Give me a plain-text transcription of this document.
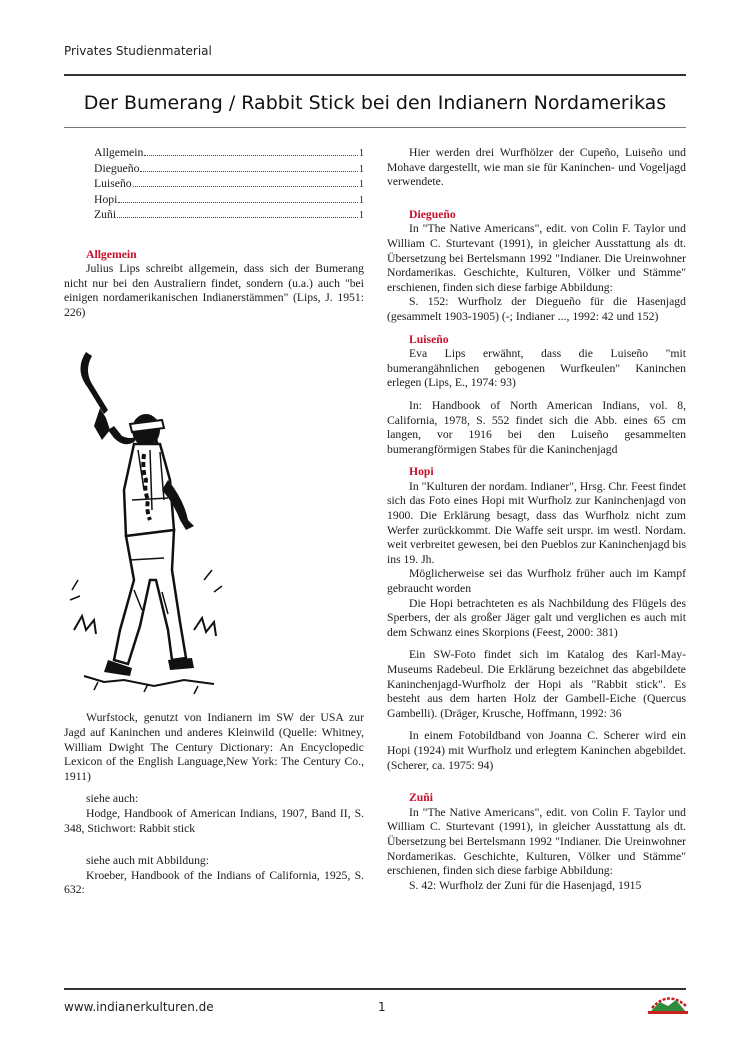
Privates Studienmaterial
Der Bumerang / Rabbit Stick bei den Indianern Nordamerikas
Allgemein	1
Diegueño	1
Luiseño	1
Hopi	1
Zuñi	1

Allgemein

Julius Lips schreibt allgemein, dass sich der Bumerang nicht nur bei den Australiern findet, sondern (u.a.) auch "bei einigen nordamerikanischen Indianerstämmen" (Lips, J. 1951: 226)

Wurfstock, genutzt von Indianern im SW der USA zur Jagd auf Kaninchen und anderes Kleinwild (Quelle: Whitney, William Dwight The Century Dictionary: An Encyclopedic Lexicon of the English Language,New York: The Century Co., 1911)

siehe auch:

Hodge, Handbook of American Indians, 1907, Band II, S. 348, Stichwort: Rabbit stick

siehe auch mit Abbildung:

Kroeber, Handbook of the Indians of California, 1925, S. 632:

Hier werden drei Wurfhölzer der Cupeño, Luiseño und Mohave dargestellt, wie man sie für Kaninchen- und Vogeljagd verwendete.

Diegueño

In "The Native Americans", edit. von Colin F. Taylor und William C. Sturtevant (1991), in gleicher Ausstattung als dt. Übersetzung bei Bertelsmann 1992 "Indianer. Die Ureinwohner Nordamerikas. Geschichte, Kulturen, Völker und Stämme" erschienen, finden sich diese farbige Abbildung:

S. 152: Wurfholz der Diegueño für die Hasenjagd (gesammelt 1903-1905) (-; Indianer ..., 1992: 42 und 152)

Luiseño

Eva Lips erwähnt, dass die Luiseño "mit bumerangähnlichen gebogenen Wurfkeulen" Kaninchen erlegen (Lips, E., 1974: 93)

In: Handbook of North American Indians, vol. 8, California, 1978, S. 552 findet sich die Abb. eines 65 cm langen, vor 1916 bei den Luiseño gesammelten bumerangförmigen Stabes für die Kaninchenjagd

Hopi

In "Kulturen der nordam. Indianer", Hrsg. Chr. Feest findet sich das Foto eines Hopi mit Wurfholz zur Kaninchenjagd von 1900. Die Erklärung besagt, dass das Wurfholz nicht zum Werfer zurückkommt. Die Waffe seit urspr. im westl. Nordam. weit verbreitet gewesen, bei den Pueblos zur Kaninchenjagd bis ins 19. Jh.

Möglicherweise sei das Wurfholz früher auch im Kampf gebraucht worden

Die Hopi betrachteten es als Nachbildung des Flügels des Sperbers, der als großer Jäger galt und verglichen es auch mit dem Schwanz eines Skorpions (Feest, 2000: 381)

Ein SW-Foto findet sich im Katalog des Karl-May-Museums Radebeul. Die Erklärung bezeichnet das abgebildete Kaninchenjagd-Wurfholz der Hopi als "Rabbit stick". Es besteht aus dem harten Holz der Gambell-Eiche (Quercus Gambelli). (Dräger, Krusche, Hoffmann, 1992: 36

In einem Fotobildband von Joanna C. Scherer wird ein Hopi (1924) mit Wurfholz und erlegtem Kaninchen abgebildet. (Scherer, ca. 1975: 94)

Zuñi

In "The Native Americans", edit. von Colin F. Taylor und William C. Sturtevant (1991), in gleicher Ausstattung als dt. Übersetzung bei Bertelsmann 1992 "Indianer. Die Ureinwohner Nordamerikas. Geschichte, Kulturen, Völker und Stämme" erschienen, finden sich diese farbige Abbildung:

S. 42: Wurfholz der Zuni für die Hasenjagd, 1915

www.indianerkulturen.de	1
